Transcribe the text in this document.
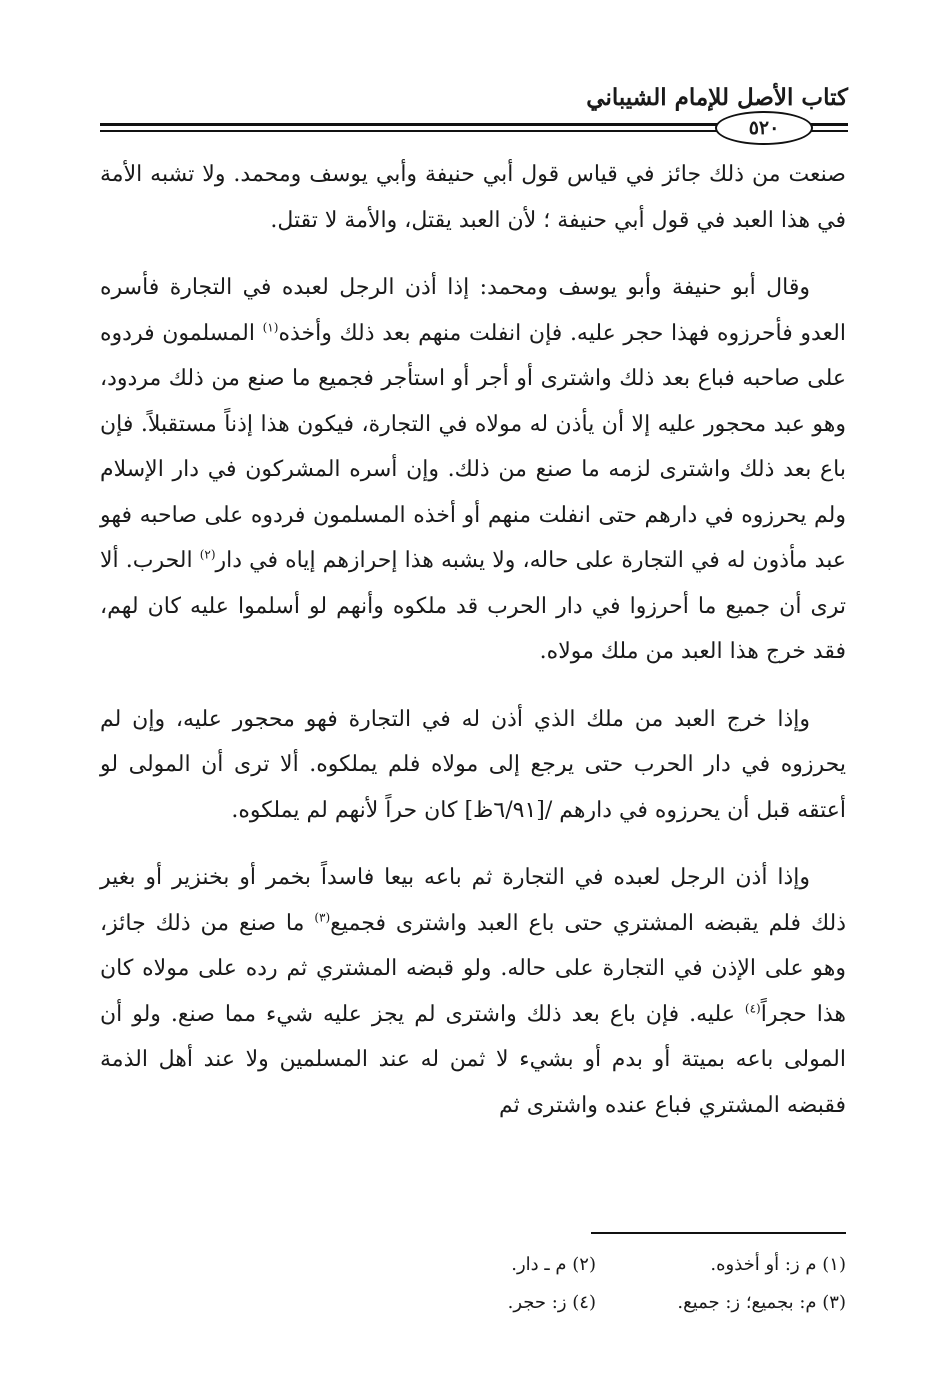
كتاب الأصل للإمام الشيباني
٥٢٠

صنعت من ذلك جائز في قياس قول أبي حنيفة وأبي يوسف ومحمد. ولا تشبه الأمة في هذا العبد في قول أبي حنيفة ؛ لأن العبد يقتل، والأمة لا تقتل.

وقال أبو حنيفة وأبو يوسف ومحمد: إذا أذن الرجل لعبده في التجارة فأسره العدو فأحرزوه فهذا حجر عليه. فإن انفلت منهم بعد ذلك وأخذه$^{(١)}$ المسلمون فردوه على صاحبه فباع بعد ذلك واشترى أو أجر أو استأجر فجميع ما صنع من ذلك مردود، وهو عبد محجور عليه إلا أن يأذن له مولاه في التجارة، فيكون هذا إذناً مستقبلاً. فإن باع بعد ذلك واشترى لزمه ما صنع من ذلك. وإن أسره المشركون في دار الإسلام ولم يحرزوه في دارهم حتى انفلت منهم أو أخذه المسلمون فردوه على صاحبه فهو عبد مأذون له في التجارة على حاله، ولا يشبه هذا إحرازهم إياه في دار$^{(٢)}$ الحرب. ألا ترى أن جميع ما أحرزوا في دار الحرب قد ملكوه وأنهم لو أسلموا عليه كان لهم، فقد خرج هذا العبد من ملك مولاه.

وإذا خرج العبد من ملك الذي أذن له في التجارة فهو محجور عليه، وإن لم يحرزوه في دار الحرب حتى يرجع إلى مولاه فلم يملكوه. ألا ترى أن المولى لو أعتقه قبل أن يحرزوه في دارهم /[٦/٩١ظ] كان حراً لأنهم لم يملكوه.

وإذا أذن الرجل لعبده في التجارة ثم باعه بيعا فاسداً بخمر أو بخنزير أو بغير ذلك فلم يقبضه المشتري حتى باع العبد واشترى فجميع$^{(٣)}$ ما صنع من ذلك جائز، وهو على الإذن في التجارة على حاله. ولو قبضه المشتري ثم رده على مولاه كان هذا حجراً$^{(٤)}$ عليه. فإن باع بعد ذلك واشترى لم يجز عليه شيء مما صنع. ولو أن المولى باعه بميتة أو بدم أو بشيء لا ثمن له عند المسلمين ولا عند أهل الذمة فقبضه المشتري فباع عنده واشترى ثم

(١) م ز: أو أخذوه.
(٢) م ـ دار.
(٣) م: بجميع؛ ز: جميع.
(٤) ز: حجر.
